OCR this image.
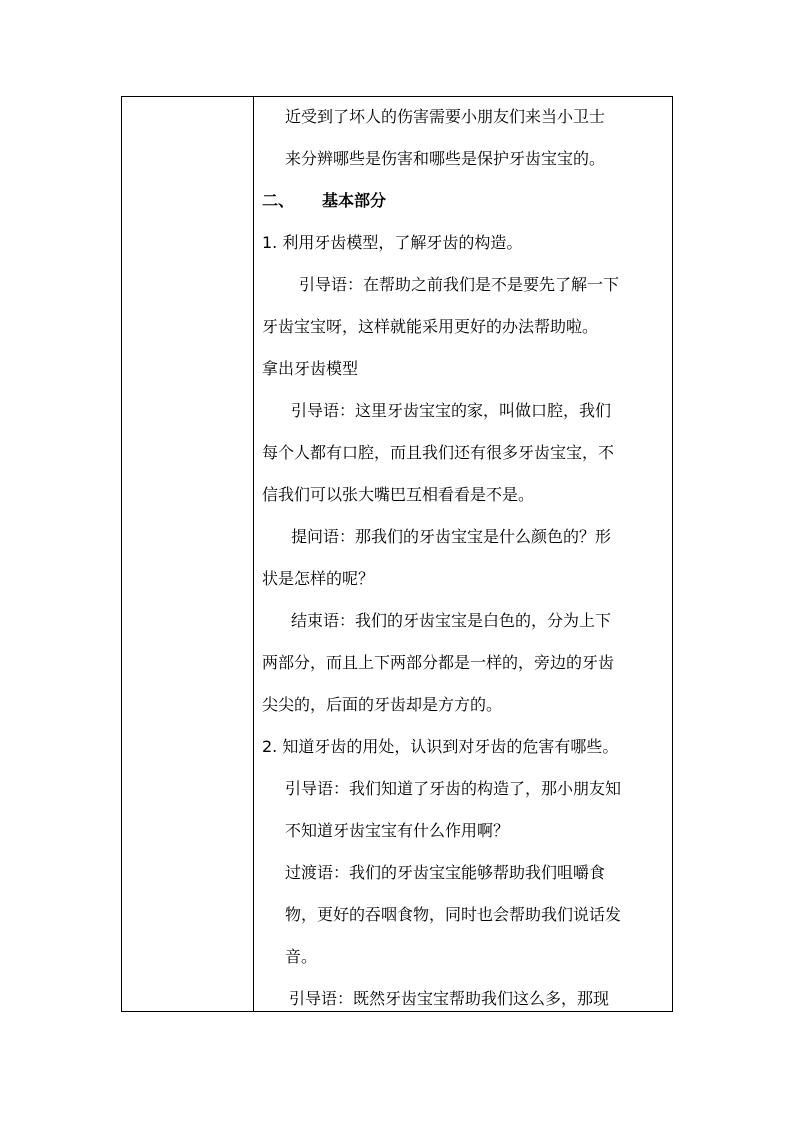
近受到了坏人的伤害需要小朋友们来当小卫士
来分辨哪些是伤害和哪些是保护牙齿宝宝的。
二、 基本部分
1. 利用牙齿模型，了解牙齿的构造。
引导语：在帮助之前我们是不是要先了解一下
牙齿宝宝呀，这样就能采用更好的办法帮助啦。
拿出牙齿模型
引导语：这里牙齿宝宝的家，叫做口腔，我们
每个人都有口腔，而且我们还有很多牙齿宝宝，不
信我们可以张大嘴巴互相看看是不是。
提问语：那我们的牙齿宝宝是什么颜色的？形
状是怎样的呢？
结束语：我们的牙齿宝宝是白色的，分为上下
两部分，而且上下两部分都是一样的，旁边的牙齿
尖尖的，后面的牙齿却是方方的。
2. 知道牙齿的用处，认识到对牙齿的危害有哪些。
引导语：我们知道了牙齿的构造了，那小朋友知
不知道牙齿宝宝有什么作用啊？
过渡语：我们的牙齿宝宝能够帮助我们咀嚼食
物，更好的吞咽食物，同时也会帮助我们说话发
音。
引导语：既然牙齿宝宝帮助我们这么多，那现
